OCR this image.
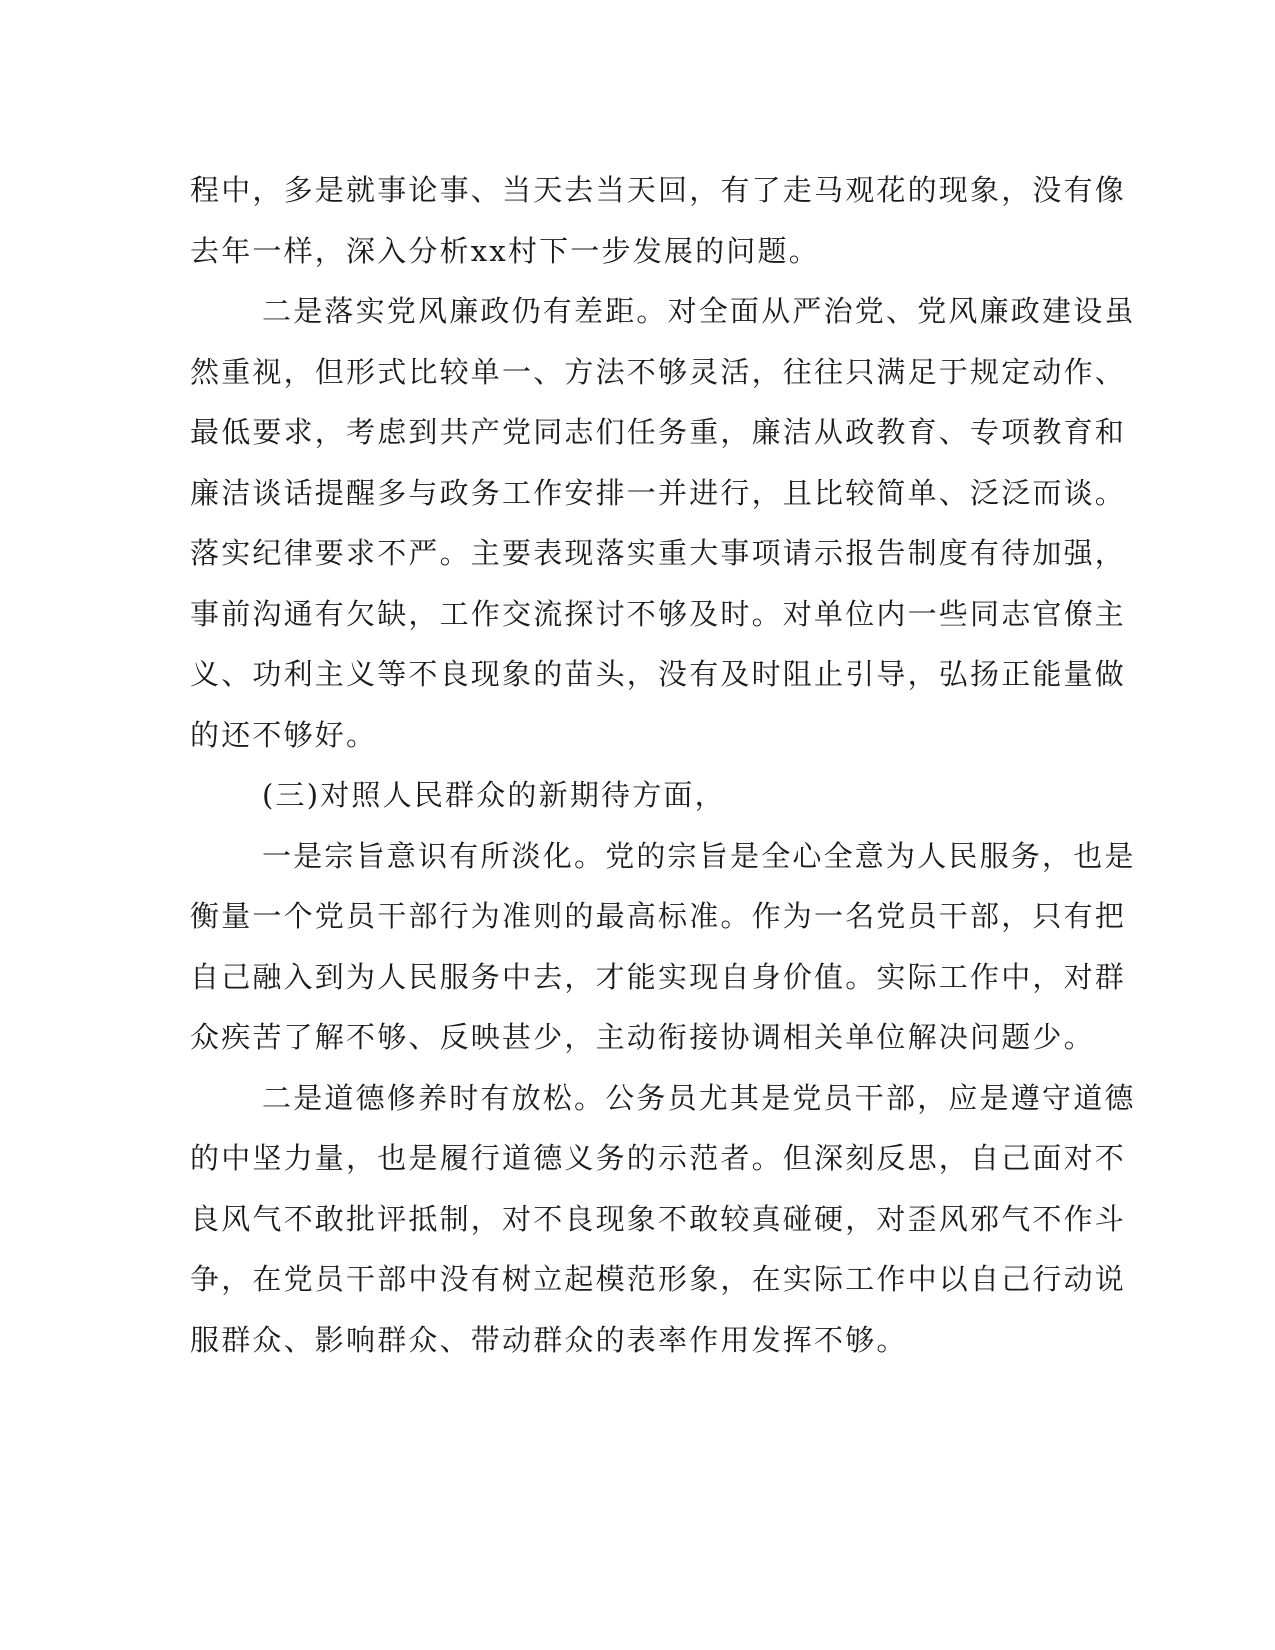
程中，多是就事论事、当天去当天回，有了走马观花的现象，没有像
去年一样，深入分析xx村下一步发展的问题。
二是落实党风廉政仍有差距。对全面从严治党、党风廉政建设虽
然重视，但形式比较单一、方法不够灵活，往往只满足于规定动作、
最低要求，考虑到共产党同志们任务重，廉洁从政教育、专项教育和
廉洁谈话提醒多与政务工作安排一并进行，且比较简单、泛泛而谈。
落实纪律要求不严。主要表现落实重大事项请示报告制度有待加强，
事前沟通有欠缺，工作交流探讨不够及时。对单位内一些同志官僚主
义、功利主义等不良现象的苗头，没有及时阻止引导，弘扬正能量做
的还不够好。
(三)对照人民群众的新期待方面，
一是宗旨意识有所淡化。党的宗旨是全心全意为人民服务，也是
衡量一个党员干部行为准则的最高标准。作为一名党员干部，只有把
自己融入到为人民服务中去，才能实现自身价值。实际工作中，对群
众疾苦了解不够、反映甚少，主动衔接协调相关单位解决问题少。
二是道德修养时有放松。公务员尤其是党员干部，应是遵守道德
的中坚力量，也是履行道德义务的示范者。但深刻反思，自己面对不
良风气不敢批评抵制，对不良现象不敢较真碰硬，对歪风邪气不作斗
争，在党员干部中没有树立起模范形象，在实际工作中以自己行动说
服群众、影响群众、带动群众的表率作用发挥不够。
